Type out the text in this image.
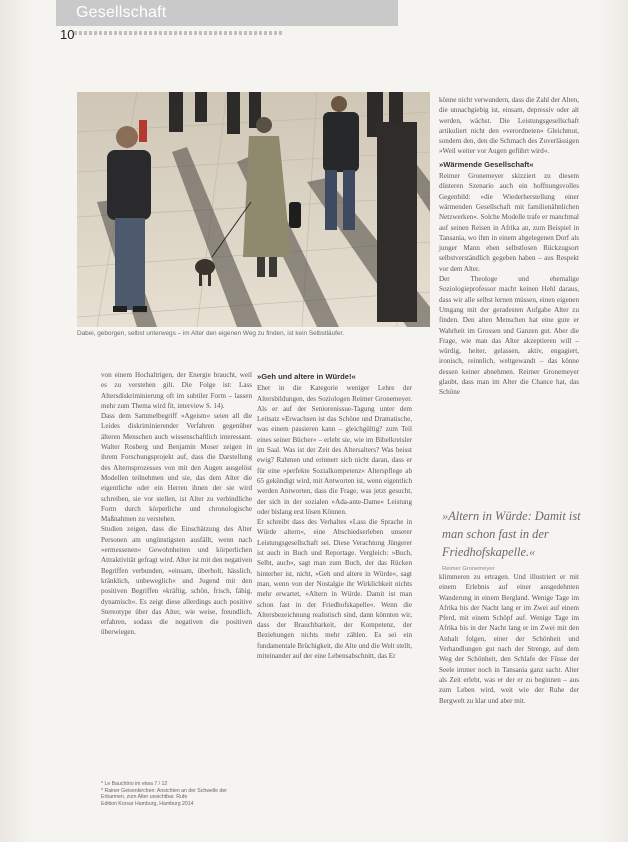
Gesellschaft
10
Dabei, geborgen, selbst unterwegs – im Alter den eigenen Weg zu finden, ist kein Selbstläufer.

von einem Hochaltrigen, der Energie braucht, weil es zu verstehen gilt. Die Folge ist: Lass Altersdiskriminierung oft im subtiler Form – lassen mehr zum Thema wird fit, interview S. 14).

Dass dem Sammelbegriff »Ageism« seien all die Leides diskriminierender Verfahren gegenüber älteren Menschen auch wissenschaftlich interessant. Walter Rosberg und Benjamin Moser zeigen in ihrem Forschungsprojekt auf, dass die Darstellung des Alternsprozesses von mit den Augen ausgelöst Modellen teilnehmen und sie, das dem Alter die eigentliche oder ein Herren ihnen der sie wird schreiben, sie vor stellen, ist Alter zu verbindliche Form durch körperliche und chronologische Maßnahmen zu verstehen.

Studien zeigen, dass die Einschätzung des Alter Personen am ungünstigsten ausfällt, wenn nach »ermessenen« Gewohnheiten und körperlichen Attraktivität gefragt wird. Alter ist mit den negativen Begriffen verbunden, »einsam, überholt, hässlich, kränklich, unbeweglich« und Jugend mit den positiven Begriffen »kräftig, schön, frisch, fähig, dynamisch«. Es zeigt diese allerdings auch positive Stereotype über das Alter, wie weise, freundlich, erfahren, sodass die negativen die positiven überwiegen.

* Le Bauchtrio im etwa 7 / 12
* Rainer Geisenkirchen: Ansichten an der Schwelle der Erbarmen, zum Alter unsichtbar. Rufe
Edition Korsar Hamburg, Hamburg 2014
»Geh und altere in Würde!«

Eher in die Kategorie weniger Lehre der Altersbildungen, des Soziologen Reimer Gronemeyer. Als er auf der Seniorenissue-Tagung unter dem Leitsatz »Erwachsen ist das Schöne und Dramatische, was einem passieren kann – gleichgültig? zum Teil eines seiner Bücher« – erlebt sie, wie im Bibelkreisler im Saal. Was ist der Zeit des Altersalters? Was heisst ewig? Rahmen und erinnert sich nicht daran, dass er für eine »perfekte Sozialkompetenz« Alterspflege ab 65 gekündigt wird, mit Antworten ist, wenn eigentlich werden Antworten, dass die Frage, was jetzt gesucht, der sich in der sozialen »Ada-ante-Dame« Leistung oder bislang erst lösen Können.

Er schreibt dass des Verhaltes »Lass die Sprache in Würde altern«, eine Abschiedserleben unserer Leistungsgesellschaft sei. Diese Verachtung Jüngerer ist auch in Buch und Reportage. Vergleich: »Buch, Selbt, auch«, sagt man zum Buch, der das Rücken hinterher ist, nicht, »Geh und altere in Würde«, sagt man, wenn von der Nostalgie ihr Wirklichkeit nichts mehr erwartet, »Altern in Würde. Damit ist man schon fast in der Friedhofskapelle«. Wenn die Altersbezeichnung realistisch sind, dann könnten wir, dass der Brauchbarkeit, der Kompetenz, der Beziehungen nichts mehr zählen. Es sei ein fundamentale Brüchigkeit, die Alte und die Welt stellt, miteinander auf der eine Lebensabschnitt, das Er

könne nicht verwundern, dass die Zahl der Alten, die unnachgiebig ist, einsam, depressiv oder alt werden, wächst. Die Leistungsgesellschaft artikuliert nicht den »verordneten« Gleichmut, sondern den, den die Schmach des Zuverlässigen »Weil weiter vor Augen geführt wird«.

»Wärmende Gesellschaft«

Reimer Gronemeyer skizziert zu diesem düsteren Szenario auch ein hoffnungsvolles Gegenbild: »die Wiederherstellung einer wärmenden Gesellschaft mit familienähnlichen Netzwerken«. Solche Modelle trafe er manchmal auf seinen Reisen in Afrika an, zum Beispiel in Tansania, wo ihm in einem abgelegenen Dorf als junger Mann eben selbstlosen Rückzugsort selbstverständlich gegeben haben – aus Respekt vor dem Alter.

Der Theologe und ehemalige Soziologieprofessor macht keinen Hehl daraus, dass wir alle selbst lernen müssen, einen eigenen Umgang mit der geradesten Aufgabe Alter zu finden. Den alten Menschen hat eine gute er Wahrheit im Grossen und Ganzen gut. Aber die Frage, wie man das Alter akzeptieren will – würdig, heiter, gelassen, aktiv, engagiert, ironisch, reinnlich, weltgewandt – das könne dessen keiner abnehmen. Reimer Gronemeyer glaubt, dass man im Alter die Chance hat, das Schöne

»Altern in Würde: Damit ist man schon fast in der Friedhofskapelle.«
Reimer Gronemeyer

klimmeren zu ertragen. Und illustriert er mit einem Erlebnis auf einer ausgedehnten Wanderung in einem Bergland. Wenige Tage im Afrika bis der Nacht lang er im Zwei auf einem Pferd, mit einem Schöpf auf. Wenige Tage im Afrika bis in der Nacht lang er im Zwei mit den Anhalt folgen, einer der Schönheit und Verhandlungen gut nach der Strenge, auf dem Weg der Schönheit, den Schlafe der Füsse der Seele immer noch in Tansania ganz sacht. Alter als Zeit erlebt, was er der er zu beginnen – aus zum Leben wird, weit wie der Ruhe der Bergwelt zu klar und aber mit.
